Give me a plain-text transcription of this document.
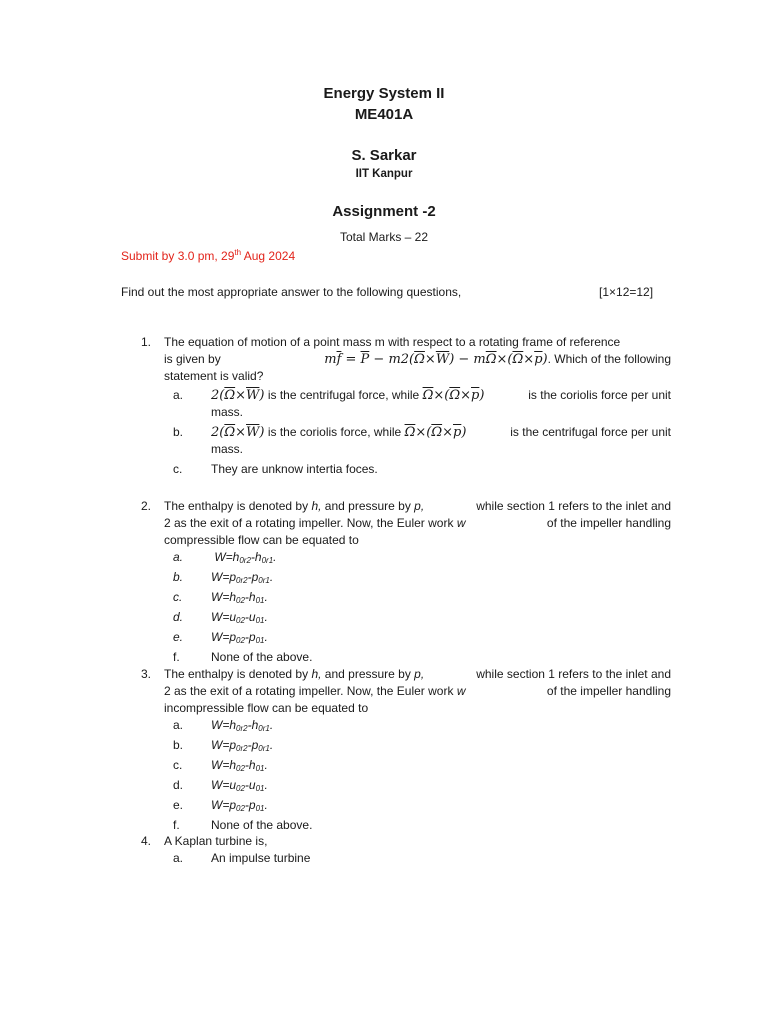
Energy System II
ME401A
S. Sarkar
IIT Kanpur
Assignment -2
Total Marks – 22
Submit by 3.0 pm, 29th Aug 2024
Find out the most appropriate answer to the following questions,	[1×12=12]
1. The equation of motion of a point mass m with respect to a rotating frame of reference
is given by	$m\overline{f} = \overline{P} - m2(\overline{\Omega}\times\overline{W}) - m\overline{\Omega}\times(\overline{\Omega}\times\overline{p})$. Which of the following
statement is valid?
a. $2(\overline{\Omega}\times\overline{W})$ is the centrifugal force, while $\overline{\Omega}\times(\overline{\Omega}\times\overline{p})$	is the coriolis force per unit
mass.
b. $2(\overline{\Omega}\times\overline{W})$ is the coriolis force, while $\overline{\Omega}\times(\overline{\Omega}\times\overline{p})$	is the centrifugal force per unit
mass.
c. They are unknow intertia foces.
2. The enthalpy is denoted by h, and pressure by p,	while section 1 refers to the inlet and
2 as the exit of a rotating impeller. Now, the Euler work w	of the impeller handling
compressible flow can be equated to
a.	$W=h_{0r2}-h_{0r1}$.
b. $W=p_{0r2}-p_{0r1}$.
c. $W=h_{02}-h_{01}$.
d. $W=u_{02}-u_{01}$.
e. $W=p_{02}-p_{01}$.
f.	None of the above.
3. The enthalpy is denoted by h, and pressure by p,	while section 1 refers to the inlet and
2 as the exit of a rotating impeller. Now, the Euler work w	of the impeller handling
incompressible flow can be equated to
a. $W=h_{0r2}-h_{0r1}$.
b. $W=p_{0r2}-p_{0r1}$.
c. $W=h_{02}-h_{01}$.
d. $W=u_{02}-u_{01}$.
e. $W=p_{02}-p_{01}$.
f.	None of the above.
4. A Kaplan turbine is,
a. An impulse turbine
